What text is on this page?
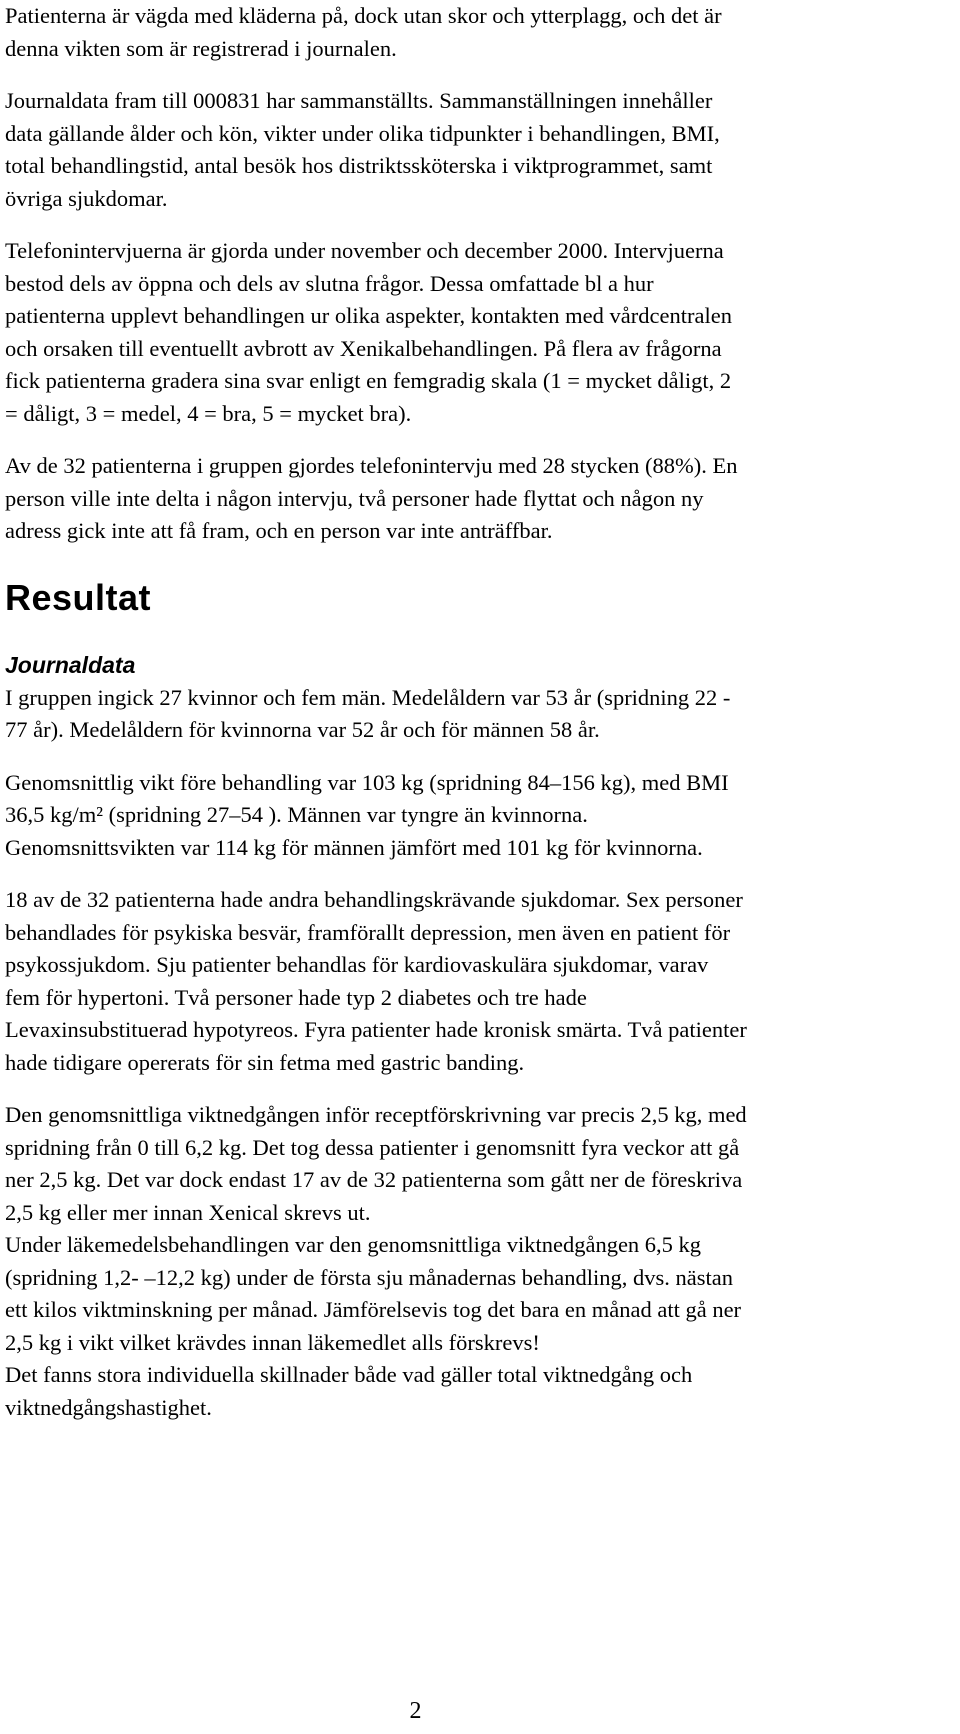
Patienterna är vägda med kläderna på, dock utan skor och ytterplagg, och det är
denna vikten som är registrerad i journalen.

Journaldata fram till 000831 har sammanställts. Sammanställningen innehåller
data gällande ålder och kön, vikter under olika tidpunkter i behandlingen, BMI,
total behandlingstid, antal besök hos distriktssköterska i viktprogrammet, samt
övriga sjukdomar.

Telefonintervjuerna är gjorda under november och december 2000. Intervjuerna
bestod dels av öppna och dels av slutna frågor. Dessa omfattade bl a hur
patienterna upplevt behandlingen ur olika aspekter, kontakten med vårdcentralen
och orsaken till eventuellt avbrott av Xenikalbehandlingen. På flera av frågorna
fick patienterna gradera sina svar enligt en femgradig skala (1 = mycket dåligt, 2
= dåligt, 3 = medel, 4 = bra, 5 = mycket bra).

Av de 32 patienterna i gruppen gjordes telefonintervju med 28 stycken (88%). En
person ville inte delta i någon intervju, två personer hade flyttat och någon ny
adress gick inte att få fram, och en person var inte anträffbar.

Resultat
Journaldata

I gruppen ingick 27 kvinnor och fem män. Medelåldern var 53 år (spridning 22 -
77 år). Medelåldern för kvinnorna var 52 år och för männen 58 år.

Genomsnittlig vikt före behandling var 103 kg (spridning 84–156 kg), med BMI
36,5 kg/m² (spridning 27–54 ). Männen var tyngre än kvinnorna.
Genomsnittsvikten var 114 kg för männen jämfört med 101 kg för kvinnorna.

18 av de 32 patienterna hade andra behandlingskrävande sjukdomar. Sex personer
behandlades för psykiska besvär, framförallt depression, men även en patient för
psykossjukdom. Sju patienter behandlas för kardiovaskulära sjukdomar, varav
fem för hypertoni. Två personer hade typ 2 diabetes och tre hade
Levaxinsubstituerad hypotyreos. Fyra patienter hade kronisk smärta. Två patienter
hade tidigare opererats för sin fetma med gastric banding.

Den genomsnittliga viktnedgången inför receptförskrivning var precis 2,5 kg, med
spridning från 0 till 6,2 kg. Det tog dessa patienter i genomsnitt fyra veckor att gå
ner 2,5 kg. Det var dock endast 17 av de 32 patienterna som gått ner de föreskriva
2,5 kg eller mer innan Xenical skrevs ut.
Under läkemedelsbehandlingen var den genomsnittliga viktnedgången 6,5 kg
(spridning 1,2- –12,2 kg) under de första sju månadernas behandling, dvs. nästan
ett kilos viktminskning per månad. Jämförelsevis tog det bara en månad att gå ner
2,5 kg i vikt vilket krävdes innan läkemedlet alls förskrevs!
Det fanns stora individuella skillnader både vad gäller total viktnedgång och
viktnedgångshastighet.

2
